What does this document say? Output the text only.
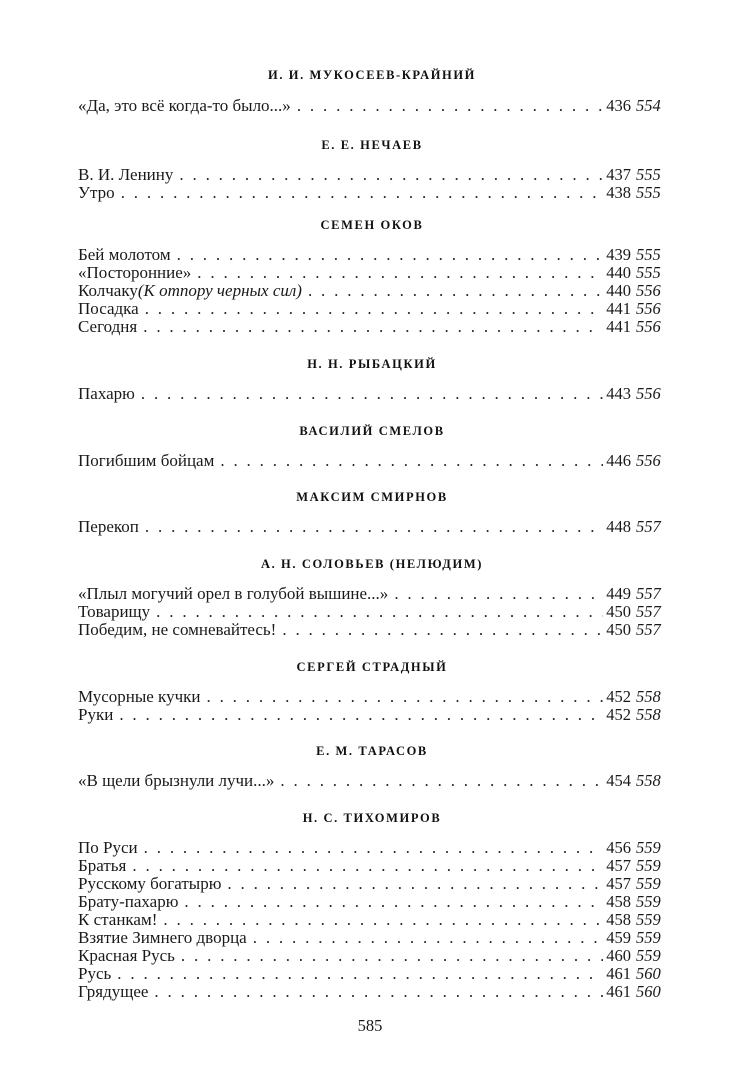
И. И. МУКОСЕЕВ-КРАЙНИЙ
«Да, это всё когда-то было...» . . .	436 554
Е. Е. НЕЧАЕВ
В. И. Ленину . . .	437 555
Утро . . .	438 555
СЕМЕН ОКОВ
Бей молотом . . .	439 555
«Посторонние» . . .	440 555
Колчаку (К отпору черных сил) . . .	440 556
Посадка . . .	441 556
Сегодня . . .	441 556
Н. Н. РЫБАЦКИЙ
Пахарю . . .	443 556
ВАСИЛИЙ СМЕЛОВ
Погибшим бойцам . . .	446 556
МАКСИМ СМИРНОВ
Перекоп . . .	448 557
А. Н. СОЛОВЬЕВ (НЕЛЮДИМ)
«Плыл могучий орел в голубой вышине...» . . .	449 557
Товарищу . . .	450 557
Победим, не сомневайтесь! . . .	450 557
СЕРГЕЙ СТРАДНЫЙ
Мусорные кучки . . .	452 558
Руки . . .	452 558
Е. М. ТАРАСОВ
«В щели брызнули лучи...» . . .	454 558
Н. С. ТИХОМИРОВ
По Руси . . .	456 559
Братья . . .	457 559
Русскому богатырю . . .	457 559
Брату-пахарю . . .	458 559
К станкам! . . .	458 559
Взятие Зимнего дворца . . .	459 559
Красная Русь . . .	460 559
Русь . . .	461 560
Грядущее . . .	461 560
585
